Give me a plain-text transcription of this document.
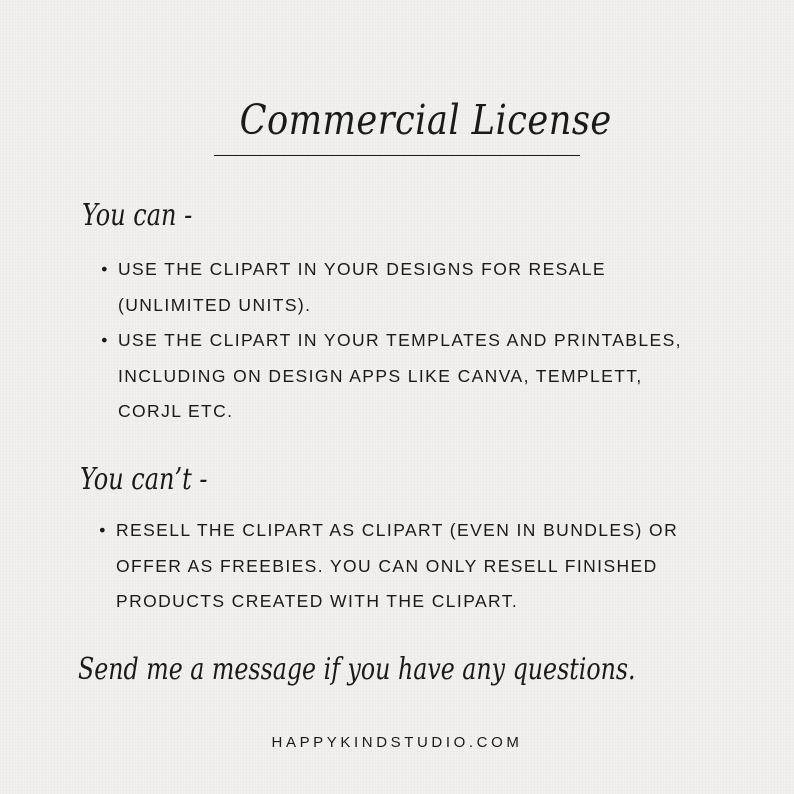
Commercial License
You can -
• USE THE CLIPART IN YOUR DESIGNS FOR RESALE
(UNLIMITED UNITS).
• USE THE CLIPART IN YOUR TEMPLATES AND PRINTABLES,
INCLUDING ON DESIGN APPS LIKE CANVA, TEMPLETT,
CORJL ETC.
You can’t -
• RESELL THE CLIPART AS CLIPART (EVEN IN BUNDLES) OR
OFFER AS FREEBIES. YOU CAN ONLY RESELL FINISHED
PRODUCTS CREATED WITH THE CLIPART.
Send me a message if you have any questions.
HAPPYKINDSTUDIO.COM
